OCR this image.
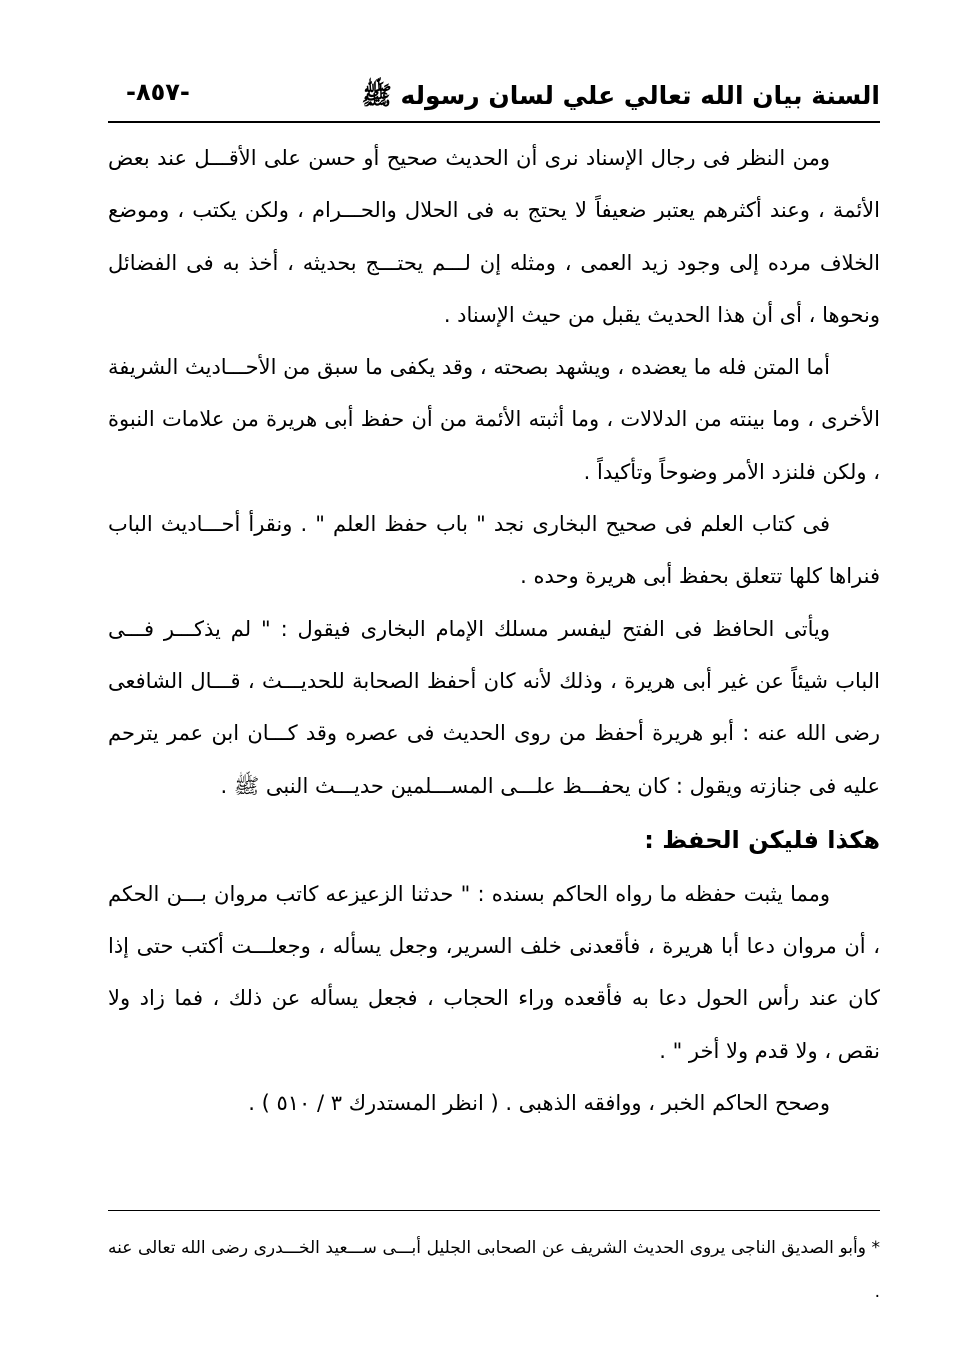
السنة بيان الله تعالي علي لسان رسوله ﷺ
-٨٥٧-

ومن النظر فى رجال الإسناد نرى أن الحديث صحيح أو حسن على الأقـــل عند بعض الأئمة ، وعند أكثرهم يعتبر ضعيفاً لا يحتج به فى الحلال والحـــرام ، ولكن يكتب ، وموضع الخلاف مرده إلى وجود زيد العمى ، ومثله إن لـــم يحتـــج بحديثه ، أخذ به فى الفضائل ونحوها ، أى أن هذا الحديث يقبل من حيث الإسناد .

أما المتن فله ما يعضده ، ويشهد بصحته ، وقد يكفى ما سبق من الأحـــاديث الشريفة الأخرى ، وما بينته من الدلالات ، وما أثبته الأئمة من أن حفظ أبى هريرة من علامات النبوة ، ولكن فلنزد الأمر وضوحاً وتأكيداً .

فى كتاب العلم فى صحيح البخارى نجد " باب حفظ العلم " . ونقرأ أحـــاديث الباب فنراها كلها تتعلق بحفظ أبى هريرة وحده .

ويأتى الحافظ فى الفتح ليفسر مسلك الإمام البخارى فيقول : " لم يذكـــر فـــى الباب شيئاً عن غير أبى هريرة ، وذلك لأنه كان أحفظ الصحابة للحديـــث ، قـــال الشافعى رضى الله عنه : أبو هريرة أحفظ من روى الحديث فى عصره وقد كـــان ابن عمر يترحم عليه فى جنازته ويقول : كان يحفـــظ علـــى المســـلمين حديـــث النبى ﷺ .

هكذا فليكن الحفظ :

ومما يثبت حفظه ما رواه الحاكم بسنده : " حدثنا الزعيزعه كاتب مروان بـــن الحكم ، أن مروان دعا أبا هريرة ، فأقعدنى خلف السرير، وجعل يسأله ، وجعلـــت أكتب حتى إذا كان عند رأس الحول دعا به فأقعده وراء الحجاب ، فجعل يسأله عن ذلك ، فما زاد ولا نقص ، ولا قدم ولا أخر " .

وصحح الحاكم الخبر ، ووافقه الذهبى . ( انظر المستدرك ٣ / ٥١٠ ) .

* وأبو الصديق الناجى يروى الحديث الشريف عن الصحابى الجليل أبـــى ســـعيد الخـــدرى رضى الله تعالى عنه .
